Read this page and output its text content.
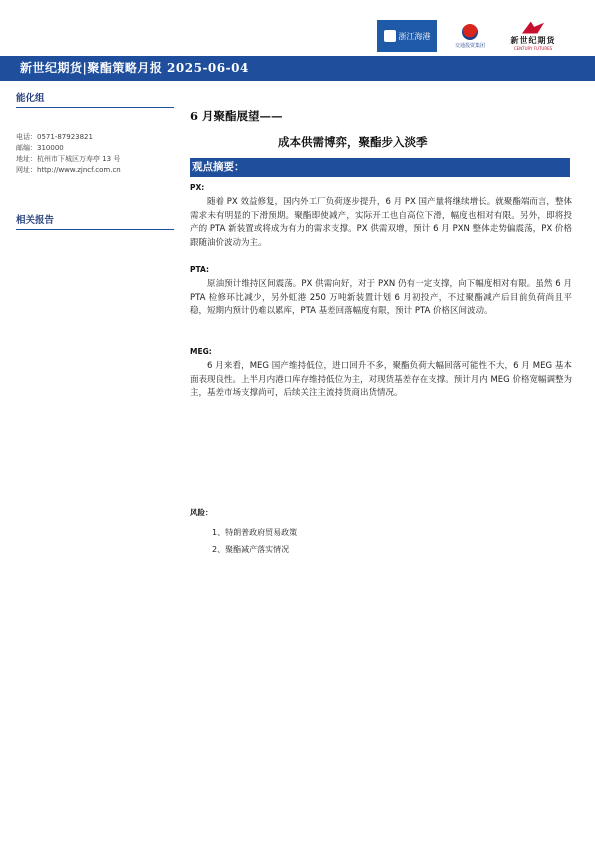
浙江海港
交通投资集团
新世纪期货
CENTURY FUTURES
新世纪期货|聚酯策略月报 2025-06-04
能化组
电话：0571-87923821
邮编：310000
地址：杭州市下城区万寿亭 13 号
网址：http://www.zjncf.com.cn
相关报告
6 月聚酯展望——
成本供需博弈，聚酯步入淡季
观点摘要：
PX:

随着 PX 效益修复，国内外工厂负荷逐步提升，6 月 PX 国产量将继续增长。就聚酯端而言，整体需求未有明显的下滑预期。聚酯即使减产，实际开工也自高位下滑，幅度也相对有限。另外，即将投产的 PTA 新装置或将成为有力的需求支撑。PX 供需双增，预计 6 月 PXN 整体走势偏震荡，PX 价格跟随油价波动为主。

PTA:

原油预计维持区间震荡。PX 供需向好，对于 PXN 仍有一定支撑，向下幅度相对有限。虽然 6 月 PTA 检修环比减少，另外虹港 250 万吨新装置计划 6 月初投产，不过聚酯减产后目前负荷尚且平稳，短期内预计仍难以累库，PTA 基差回落幅度有限，预计 PTA 价格区间波动。

MEG:

6 月来看，MEG 国产维持低位，进口回升不多，聚酯负荷大幅回落可能性不大，6 月 MEG 基本面表现良性。上半月内港口库存维持低位为主，对现货基差存在支撑。预计月内 MEG 价格宽幅调整为主，基差市场支撑尚可，后续关注主流持货商出货情况。

风险：
1、特朗普政府贸易政策
2、聚酯减产落实情况
